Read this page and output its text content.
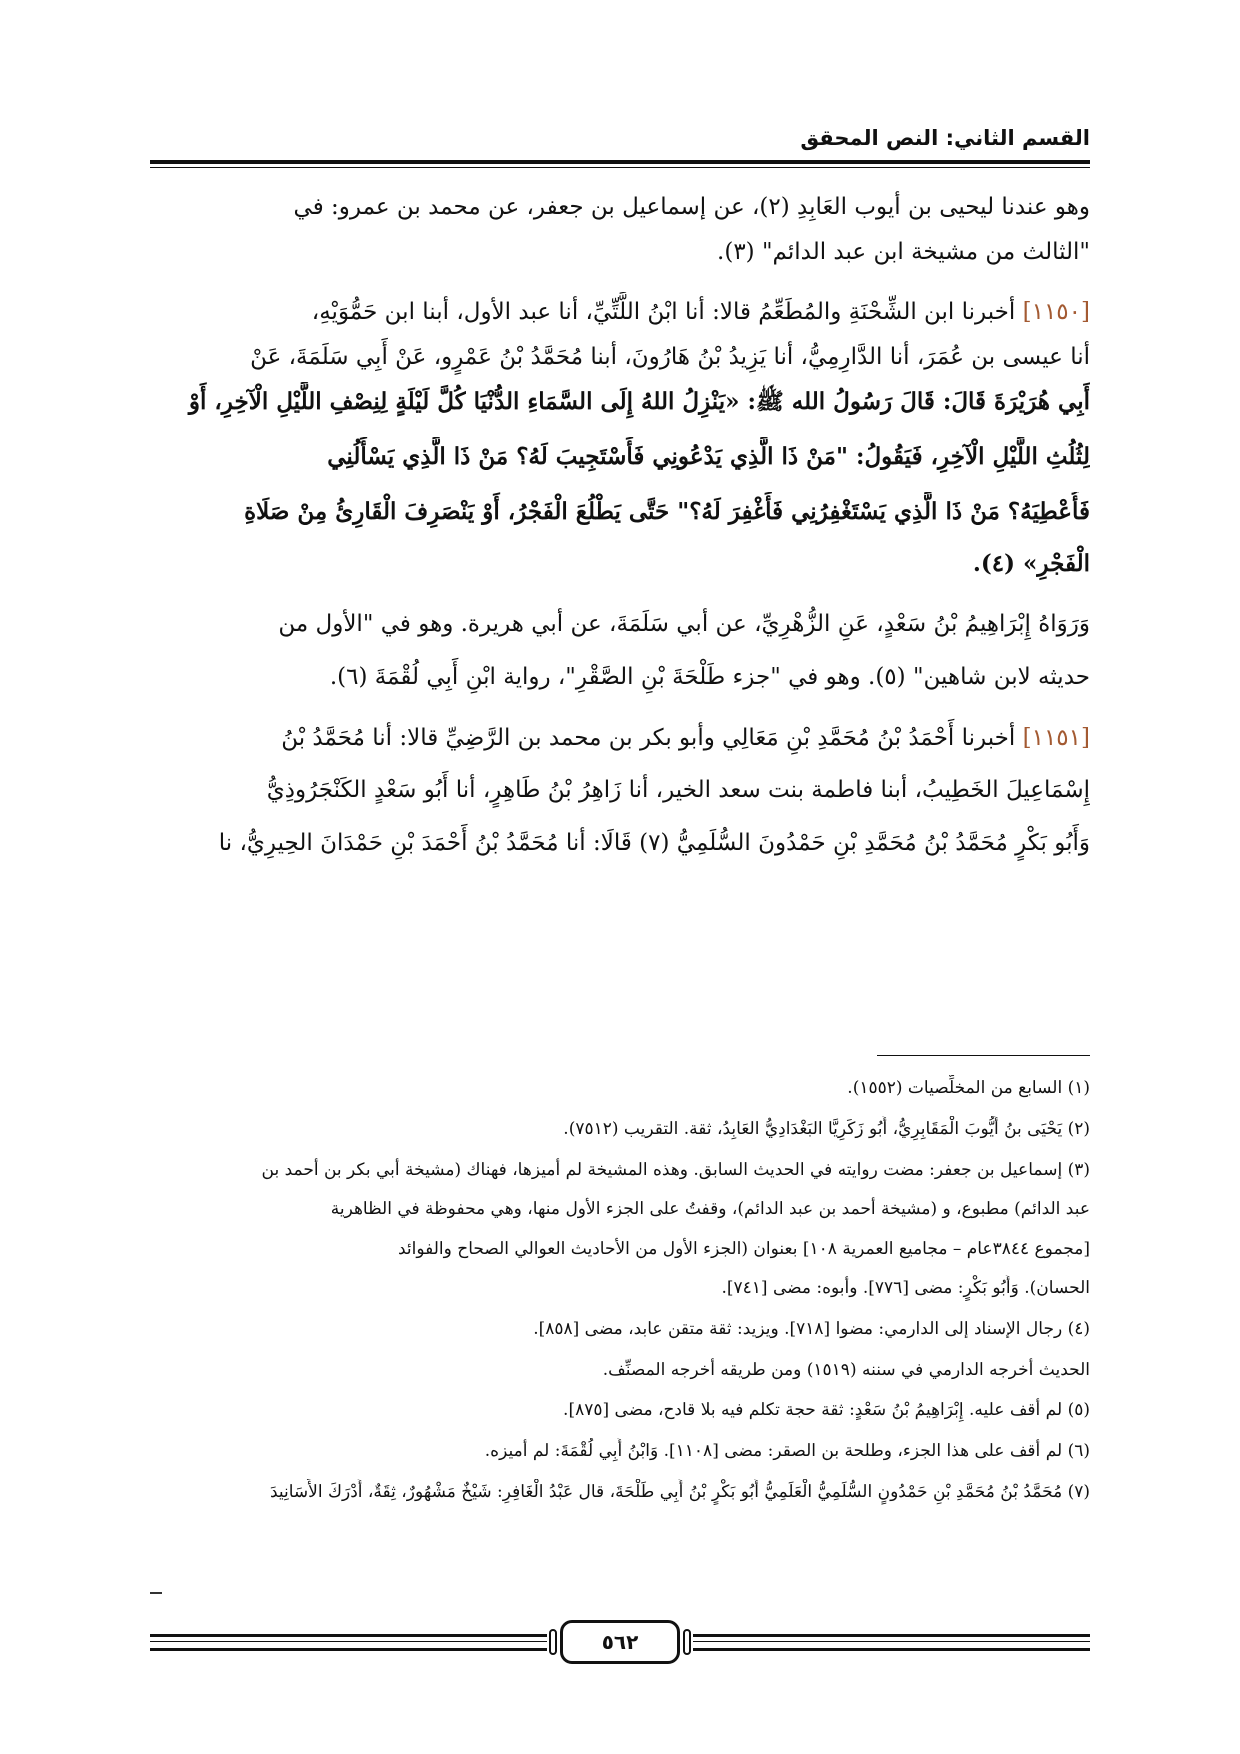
القسم الثاني: النص المحقق
وهو عندنا ليحيى بن أيوب العَابِدِ (٢)، عن إسماعيل بن جعفر، عن محمد بن عمرو: في
"الثالث من مشيخة ابن عبد الدائم" (٣).
[١١٥٠] أخبرنا ابن الشِّحْنَةِ والمُطَعِّمُ قالا: أنا ابْنُ اللَّتِّيِّ، أنا عبد الأول، أبنا ابن حَمُّوَيْهِ،
أنا عيسى بن عُمَرَ، أنا الدَّارِمِيُّ، أنا يَزِيدُ بْنُ هَارُونَ، أبنا مُحَمَّدُ بْنُ عَمْرٍو، عَنْ أَبِي سَلَمَةَ، عَنْ
أَبِي هُرَيْرَةَ قَالَ: قَالَ رَسُولُ الله ﷺ: «يَنْزِلُ اللهُ إِلَى السَّمَاءِ الدُّنْيَا كُلَّ لَيْلَةٍ لِنِصْفِ اللَّيْلِ الْآخِرِ، أَوْ
لِثُلُثِ اللَّيْلِ الْآخِرِ، فَيَقُولُ: "مَنْ ذَا الَّذِي يَدْعُونِي فَأَسْتَجِيبَ لَهُ؟ مَنْ ذَا الَّذِي يَسْأَلُنِي
فَأُعْطِيَهُ؟ مَنْ ذَا الَّذِي يَسْتَغْفِرُنِي فَأَغْفِرَ لَهُ؟" حَتَّى يَطْلُعَ الْفَجْرُ، أَوْ يَنْصَرِفَ الْقَارِئُ مِنْ صَلَاةِ
الْفَجْرِ» (٤).
وَرَوَاهُ إِبْرَاهِيمُ بْنُ سَعْدٍ، عَنِ الزُّهْرِيِّ، عن أبي سَلَمَةَ، عن أبي هريرة. وهو في "الأول من
حديثه لابن شاهين" (٥). وهو في "جزء طَلْحَةَ بْنِ الصَّقْرِ"، رواية ابْنِ أَبِي لُقْمَةَ (٦).
[١١٥١] أخبرنا أَحْمَدُ بْنُ مُحَمَّدِ بْنِ مَعَالِي وأبو بكر بن محمد بن الرَّضِيِّ قالا: أنا مُحَمَّدُ بْنُ
إِسْمَاعِيلَ الخَطِيبُ، أبنا فاطمة بنت سعد الخير، أنا زَاهِرُ بْنُ طَاهِرٍ، أنا أَبُو سَعْدٍ الكَنْجَرُوذِيُّ
وَأَبُو بَكْرٍ مُحَمَّدُ بْنُ مُحَمَّدِ بْنِ حَمْدُونَ السُّلَمِيُّ (٧) قَالَا: أنا مُحَمَّدُ بْنُ أَحْمَدَ بْنِ حَمْدَانَ الحِيرِيُّ، نا
(١) السابع من المخلِّصيات (١٥٥٢).
(٢) يَحْيَى بنُ أَيُّوبَ الْمَقَابِرِيُّ، أَبُو زَكَرِيَّا البَغْدَادِيُّ العَابِدُ، ثقة. التقريب (٧٥١٢).
(٣) إسماعيل بن جعفر: مضت روايته في الحديث السابق. وهذه المشيخة لم أميزها، فهناك (مشيخة أبي بكر بن أحمد بن
عبد الدائم) مطبوع، و (مشيخة أحمد بن عبد الدائم)، وقفتُ على الجزء الأول منها، وهي محفوظة في الظاهرية
[مجموع ٣٨٤٤عام – مجاميع العمرية ١٠٨] بعنوان (الجزء الأول من الأحاديث العوالي الصحاح والفوائد
الحسان). وَأَبُو بَكْرٍ: مضى [٧٧٦]. وأبوه: مضى [٧٤١].
(٤) رجال الإسناد إلى الدارمي: مضوا [٧١٨]. ويزيد: ثقة متقن عابد، مضى [٨٥٨].
الحديث أخرجه الدارمي في سننه (١٥١٩) ومن طريقه أخرجه المصنِّف.
(٥) لم أقف عليه. إِبْرَاهِيمُ بْنُ سَعْدٍ: ثقة حجة تكلم فيه بلا قادح، مضى [٨٧٥].
(٦) لم أقف على هذا الجزء، وطلحة بن الصقر: مضى [١١٠٨]. وَابْنُ أَبِي لُقْمَةَ: لم أميزه.
(٧) مُحَمَّدُ بْنُ مُحَمَّدِ بْنِ حَمْدُونٍ السُّلَمِيُّ الْعَلَمِيُّ أَبُو بَكْرٍ بْنُ أَبِي طَلْحَةَ، قال عَبْدُ الْغَافِرِ: شَيْخٌ مَشْهُورٌ، ثِقَةٌ، أَدْرَكَ الأَسَانِيدَ
٥٦٢
